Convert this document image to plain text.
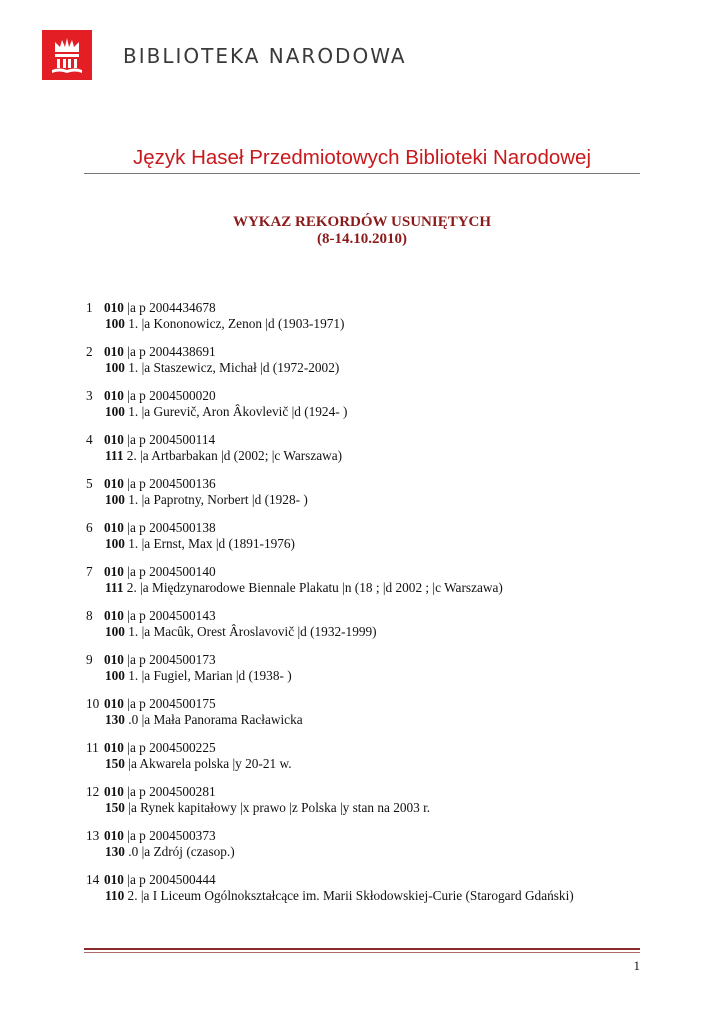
BIBLIOTEKA NARODOWA
Język Haseł Przedmiotowych Biblioteki Narodowej
WYKAZ REKORDÓW USUNIĘTYCH
(8-14.10.2010)
1 010 |a p 2004434678
100 1. |a Kononowicz, Zenon |d (1903-1971)
2 010 |a p 2004438691
100 1. |a Staszewicz, Michał |d (1972-2002)
3 010 |a p 2004500020
100 1. |a Gurevič, Aron Âkovlevič |d (1924- )
4 010 |a p 2004500114
111 2. |a Artbarbakan |d (2002; |c Warszawa)
5 010 |a p 2004500136
100 1. |a Paprotny, Norbert |d (1928- )
6 010 |a p 2004500138
100 1. |a Ernst, Max |d (1891-1976)
7 010 |a p 2004500140
111 2. |a Międzynarodowe Biennale Plakatu |n (18 ; |d 2002 ; |c Warszawa)
8 010 |a p 2004500143
100 1. |a Macûk, Orest Âroslavovič |d (1932-1999)
9 010 |a p 2004500173
100 1. |a Fugiel, Marian |d (1938- )
10 010 |a p 2004500175
130 .0 |a Mała Panorama Racławicka
11 010 |a p 2004500225
150 |a Akwarela polska |y 20-21 w.
12 010 |a p 2004500281
150 |a Rynek kapitałowy |x prawo |z Polska |y stan na 2003 r.
13 010 |a p 2004500373
130 .0 |a Zdrój (czasop.)
14 010 |a p 2004500444
110 2. |a I Liceum Ogólnokształcące im. Marii Skłodowskiej-Curie (Starogard Gdański)
1
